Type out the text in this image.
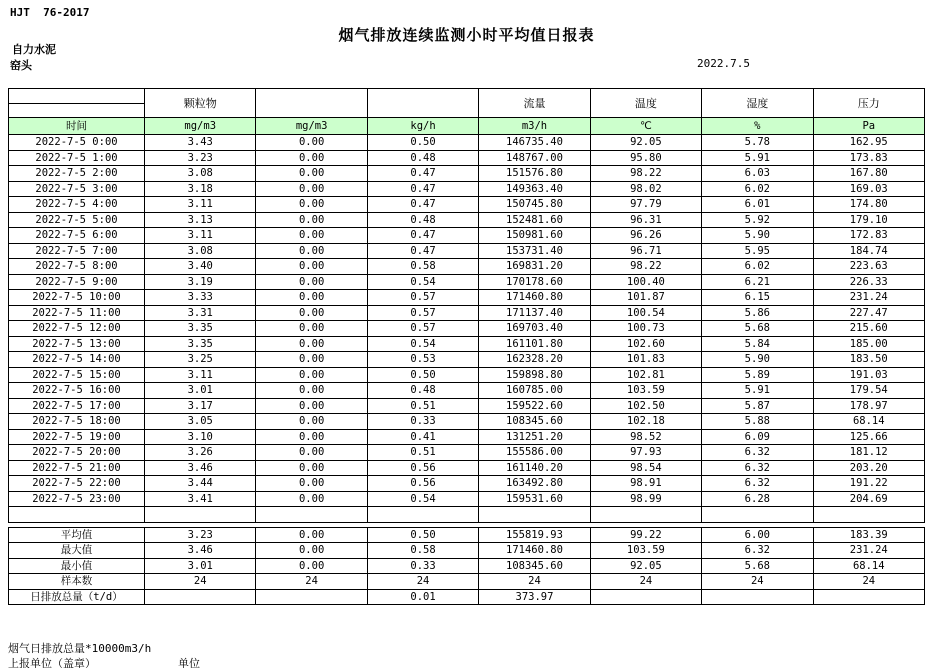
HJT  76-2017
烟气排放连续监测小时平均值日报表
自力水泥
窑头	2022.7.5
	颗粒物			流量	温度	湿度	压力

时间	mg/m3	mg/m3	kg/h	m3/h	℃	%	Pa
2022-7-5 0:00	3.43	0.00	0.50	146735.40	92.05	5.78	162.95
2022-7-5 1:00	3.23	0.00	0.48	148767.00	95.80	5.91	173.83
2022-7-5 2:00	3.08	0.00	0.47	151576.80	98.22	6.03	167.80
2022-7-5 3:00	3.18	0.00	0.47	149363.40	98.02	6.02	169.03
2022-7-5 4:00	3.11	0.00	0.47	150745.80	97.79	6.01	174.80
2022-7-5 5:00	3.13	0.00	0.48	152481.60	96.31	5.92	179.10
2022-7-5 6:00	3.11	0.00	0.47	150981.60	96.26	5.90	172.83
2022-7-5 7:00	3.08	0.00	0.47	153731.40	96.71	5.95	184.74
2022-7-5 8:00	3.40	0.00	0.58	169831.20	98.22	6.02	223.63
2022-7-5 9:00	3.19	0.00	0.54	170178.60	100.40	6.21	226.33
2022-7-5 10:00	3.33	0.00	0.57	171460.80	101.87	6.15	231.24
2022-7-5 11:00	3.31	0.00	0.57	171137.40	100.54	5.86	227.47
2022-7-5 12:00	3.35	0.00	0.57	169703.40	100.73	5.68	215.60
2022-7-5 13:00	3.35	0.00	0.54	161101.80	102.60	5.84	185.00
2022-7-5 14:00	3.25	0.00	0.53	162328.20	101.83	5.90	183.50
2022-7-5 15:00	3.11	0.00	0.50	159898.80	102.81	5.89	191.03
2022-7-5 16:00	3.01	0.00	0.48	160785.00	103.59	5.91	179.54
2022-7-5 17:00	3.17	0.00	0.51	159522.60	102.50	5.87	178.97
2022-7-5 18:00	3.05	0.00	0.33	108345.60	102.18	5.88	68.14
2022-7-5 19:00	3.10	0.00	0.41	131251.20	98.52	6.09	125.66
2022-7-5 20:00	3.26	0.00	0.51	155586.00	97.93	6.32	181.12
2022-7-5 21:00	3.46	0.00	0.56	161140.20	98.54	6.32	203.20
2022-7-5 22:00	3.44	0.00	0.56	163492.80	98.91	6.32	191.22
2022-7-5 23:00	3.41	0.00	0.54	159531.60	98.99	6.28	204.69

平均值	3.23	0.00	0.50	155819.93	99.22	6.00	183.39
最大值	3.46	0.00	0.58	171460.80	103.59	6.32	231.24
最小值	3.01	0.00	0.33	108345.60	92.05	5.68	68.14
样本数	24	24	24	24	24	24	24
日排放总量（t/d）			0.01	373.97			
烟气日排放总量*10000m3/h
上报单位（盖章）	单位
